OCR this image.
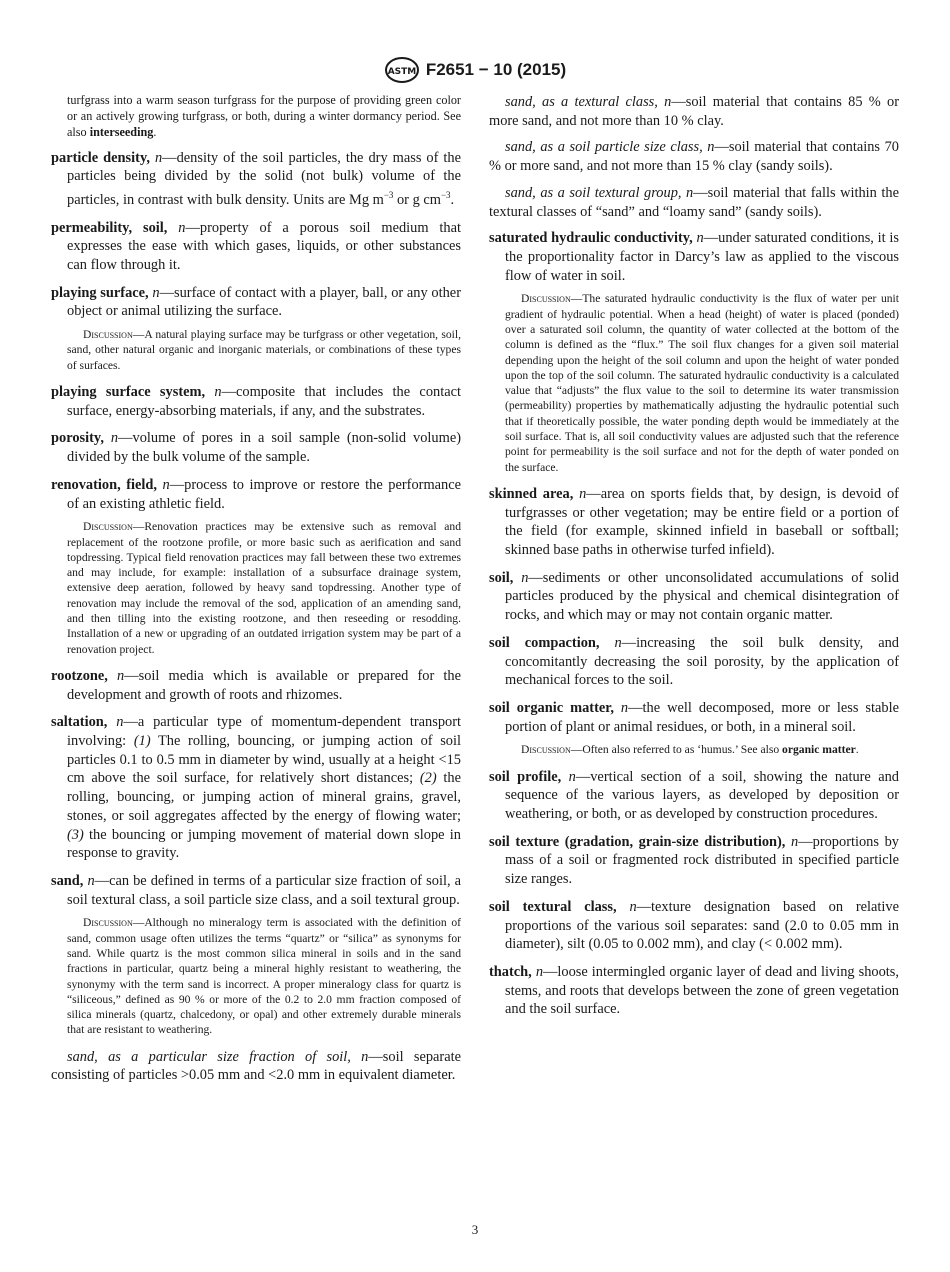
ASTM F2651 − 10 (2015)

turfgrass into a warm season turfgrass for the purpose of providing green color or an actively growing turfgrass, or both, during a winter dormancy period. See also interseeding.

particle density, n—density of the soil particles, the dry mass of the particles being divided by the solid (not bulk) volume of the particles, in contrast with bulk density. Units are Mg $m^{-3}$ or g $cm^{-3}$.

permeability, soil, n—property of a porous soil medium that expresses the ease with which gases, liquids, or other substances can flow through it.

playing surface, n—surface of contact with a player, ball, or any other object or animal utilizing the surface.

Discussion—A natural playing surface may be turfgrass or other vegetation, soil, sand, other natural organic and inorganic materials, or combinations of these types of surfaces.

playing surface system, n—composite that includes the contact surface, energy-absorbing materials, if any, and the substrates.

porosity, n—volume of pores in a soil sample (non-solid volume) divided by the bulk volume of the sample.

renovation, field, n—process to improve or restore the performance of an existing athletic field.

Discussion—Renovation practices may be extensive such as removal and replacement of the rootzone profile, or more basic such as aerification and sand topdressing. Typical field renovation practices may fall between these two extremes and may include, for example: installation of a subsurface drainage system, extensive deep aeration, followed by heavy sand topdressing. Another type of renovation may include the removal of the sod, application of an amending sand, and then tilling into the existing rootzone, and then reseeding or resodding. Installation of a new or upgrading of an outdated irrigation system may be part of a renovation project.

rootzone, n—soil media which is available or prepared for the development and growth of roots and rhizomes.

saltation, n—a particular type of momentum-dependent transport involving: (1) The rolling, bouncing, or jumping action of soil particles 0.1 to 0.5 mm in diameter by wind, usually at a height <15 cm above the soil surface, for relatively short distances; (2) the rolling, bouncing, or jumping action of mineral grains, gravel, stones, or soil aggregates affected by the energy of flowing water; (3) the bouncing or jumping movement of material down slope in response to gravity.

sand, n—can be defined in terms of a particular size fraction of soil, a soil textural class, a soil particle size class, and a soil textural group.

Discussion—Although no mineralogy term is associated with the definition of sand, common usage often utilizes the terms “quartz” or “silica” as synonyms for sand. While quartz is the most common silica mineral in soils and in the sand fractions in particular, quartz being a mineral highly resistant to weathering, the synonymy with the term sand is incorrect. A proper mineralogy class for quartz is “siliceous,” defined as 90 % or more of the 0.2 to 2.0 mm fraction composed of silica minerals (quartz, chalcedony, or opal) and other extremely durable minerals that are resistant to weathering.

sand, as a particular size fraction of soil, n—soil separate consisting of particles >0.05 mm and <2.0 mm in equivalent diameter.

sand, as a textural class, n—soil material that contains 85 % or more sand, and not more than 10 % clay.

sand, as a soil particle size class, n—soil material that contains 70 % or more sand, and not more than 15 % clay (sandy soils).

sand, as a soil textural group, n—soil material that falls within the textural classes of “sand” and “loamy sand” (sandy soils).

saturated hydraulic conductivity, n—under saturated conditions, it is the proportionality factor in Darcy’s law as applied to the viscous flow of water in soil.

Discussion—The saturated hydraulic conductivity is the flux of water per unit gradient of hydraulic potential. When a head (height) of water is placed (ponded) over a saturated soil column, the quantity of water collected at the bottom of the column is defined as the “flux.” The soil flux changes for a given soil material depending upon the height of the soil column and upon the height of water ponded upon the top of the soil column. The saturated hydraulic conductivity is a calculated value that “adjusts” the flux value to the soil to determine its water transmission (permeability) properties by mathematically adjusting the hydraulic potential such that if theoretically possible, the water ponding depth would be immediately at the soil surface. That is, all soil conductivity values are adjusted such that the reference point for permeability is the soil surface and not for the depth of water ponded on the surface.

skinned area, n—area on sports fields that, by design, is devoid of turfgrasses or other vegetation; may be entire field or a portion of the field (for example, skinned infield in baseball or softball; skinned base paths in otherwise turfed infield).

soil, n—sediments or other unconsolidated accumulations of solid particles produced by the physical and chemical disintegration of rocks, and which may or may not contain organic matter.

soil compaction, n—increasing the soil bulk density, and concomitantly decreasing the soil porosity, by the application of mechanical forces to the soil.

soil organic matter, n—the well decomposed, more or less stable portion of plant or animal residues, or both, in a mineral soil.

Discussion—Often also referred to as ‘humus.’ See also organic matter.

soil profile, n—vertical section of a soil, showing the nature and sequence of the various layers, as developed by deposition or weathering, or both, or as developed by construction procedures.

soil texture (gradation, grain-size distribution), n—proportions by mass of a soil or fragmented rock distributed in specified particle size ranges.

soil textural class, n—texture designation based on relative proportions of the various soil separates: sand (2.0 to 0.05 mm in diameter), silt (0.05 to 0.002 mm), and clay (< 0.002 mm).

thatch, n—loose intermingled organic layer of dead and living shoots, stems, and roots that develops between the zone of green vegetation and the soil surface.

3
